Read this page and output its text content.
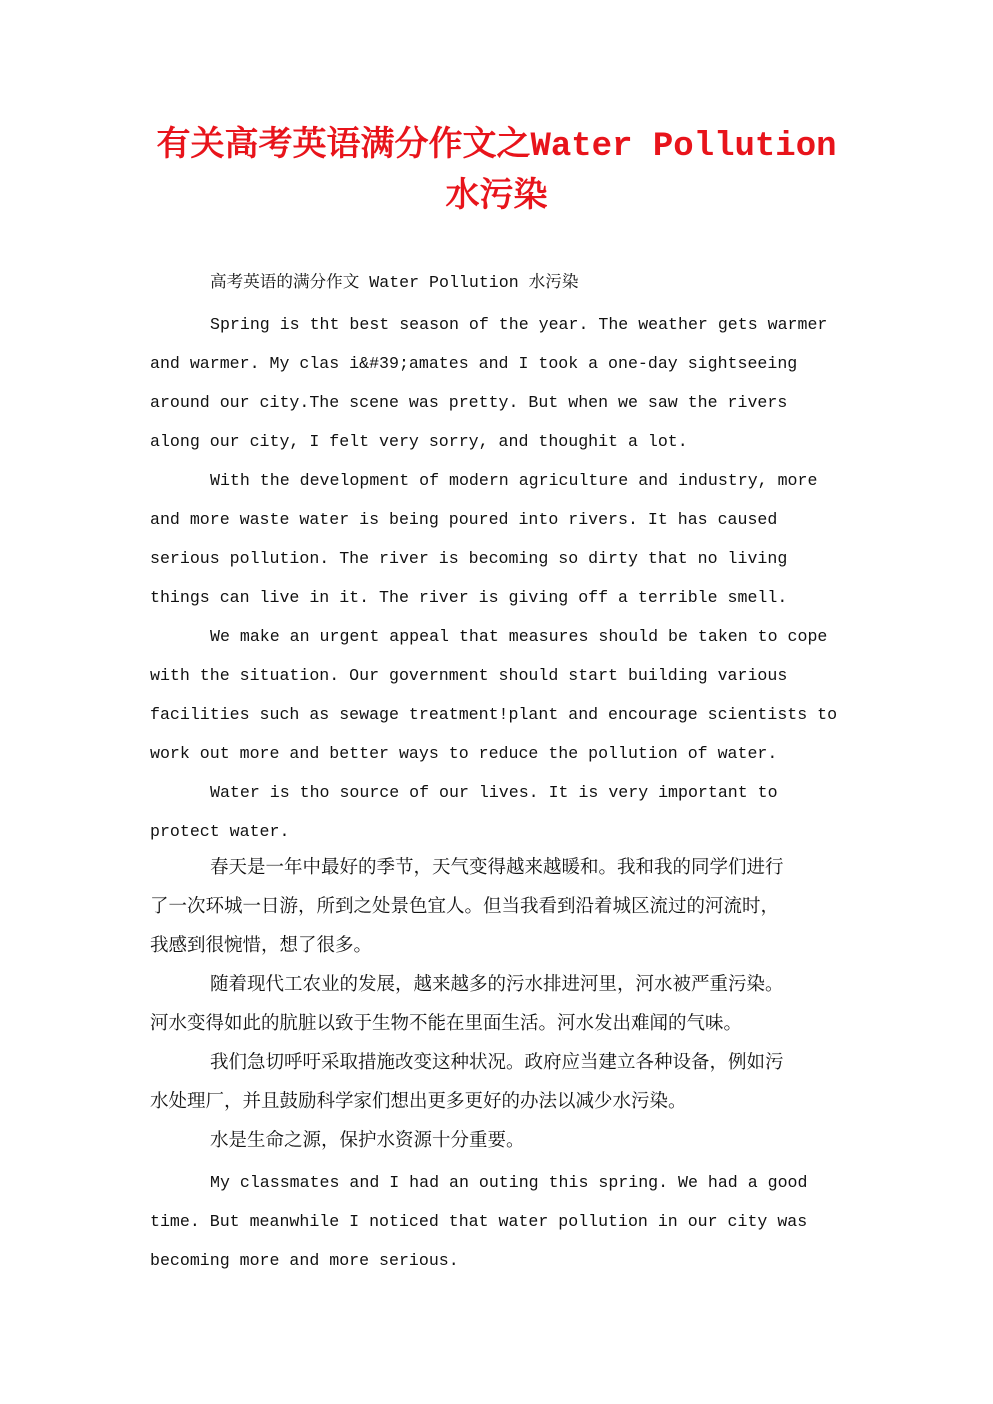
有关高考英语满分作文之Water Pollution
水污染
高考英语的满分作文 Water Pollution 水污染
Spring is tht best season of the year. The weather gets warmer
and warmer. My clas i&#39;amates and I took a one-day sightseeing
around our city.The scene was pretty. But when we saw the rivers
along our city, I felt very sorry, and thoughit a lot.
With the development of modern agriculture and industry, more
and more waste water is being poured into rivers. It has caused
serious pollution. The river is becoming so dirty that no living
things can live in it. The river is giving off a terrible smell.
We make an urgent appeal that measures should be taken to cope
with the situation. Our government should start building various
facilities such as sewage treatment!plant and encourage scientists to
work out more and better ways to reduce the pollution of water.
Water is tho source of our lives. It is very important to
protect water.
春天是一年中最好的季节，天气变得越来越暖和。我和我的同学们进行
了一次环城一日游，所到之处景色宜人。但当我看到沿着城区流过的河流时，
我感到很惋惜，想了很多。
随着现代工农业的发展，越来越多的污水排进河里，河水被严重污染。
河水变得如此的肮脏以致于生物不能在里面生活。河水发出难闻的气味。
我们急切呼吁采取措施改变这种状况。政府应当建立各种设备，例如污
水处理厂，并且鼓励科学家们想出更多更好的办法以减少水污染。
水是生命之源，保护水资源十分重要。
My classmates and I had an outing this spring. We had a good
time. But meanwhile I noticed that water pollution in our city was
becoming more and more serious.
